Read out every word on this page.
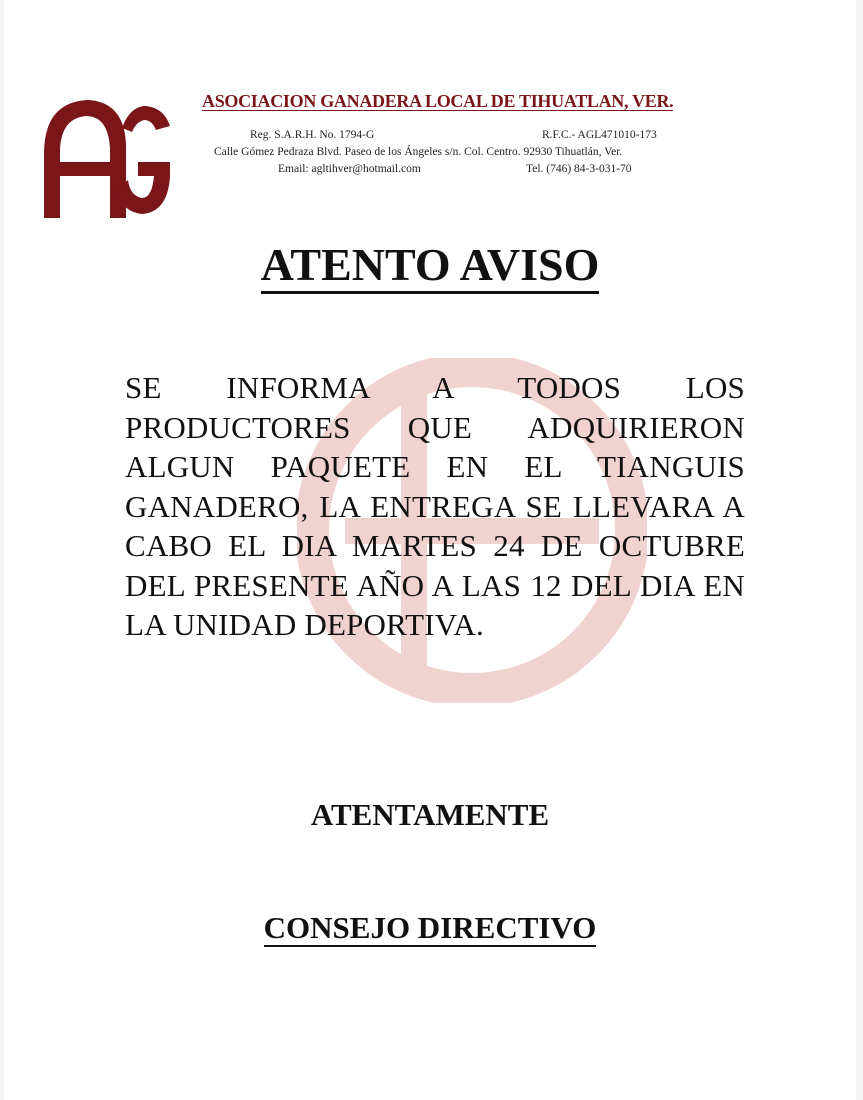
ASOCIACION GANADERA LOCAL DE TIHUATLAN, VER.
Reg. S.A.R.H. No. 1794-G	R.F.C.- AGL471010-173
Calle Gómez Pedraza Blvd. Paseo de los Ángeles s/n. Col. Centro. 92930 Tihuatlán, Ver.
Email: agltihver@hotmail.com	Tel. (746) 84-3-031-70
ATENTO AVISO
SE INFORMA A TODOS LOS PRODUCTORES QUE ADQUIRIERON ALGUN PAQUETE EN EL TIANGUIS GANADERO, LA ENTREGA SE LLEVARA A CABO EL DIA MARTES 24 DE OCTUBRE DEL PRESENTE AÑO A LAS 12 DEL DIA EN LA UNIDAD DEPORTIVA.
ATENTAMENTE
CONSEJO DIRECTIVO
